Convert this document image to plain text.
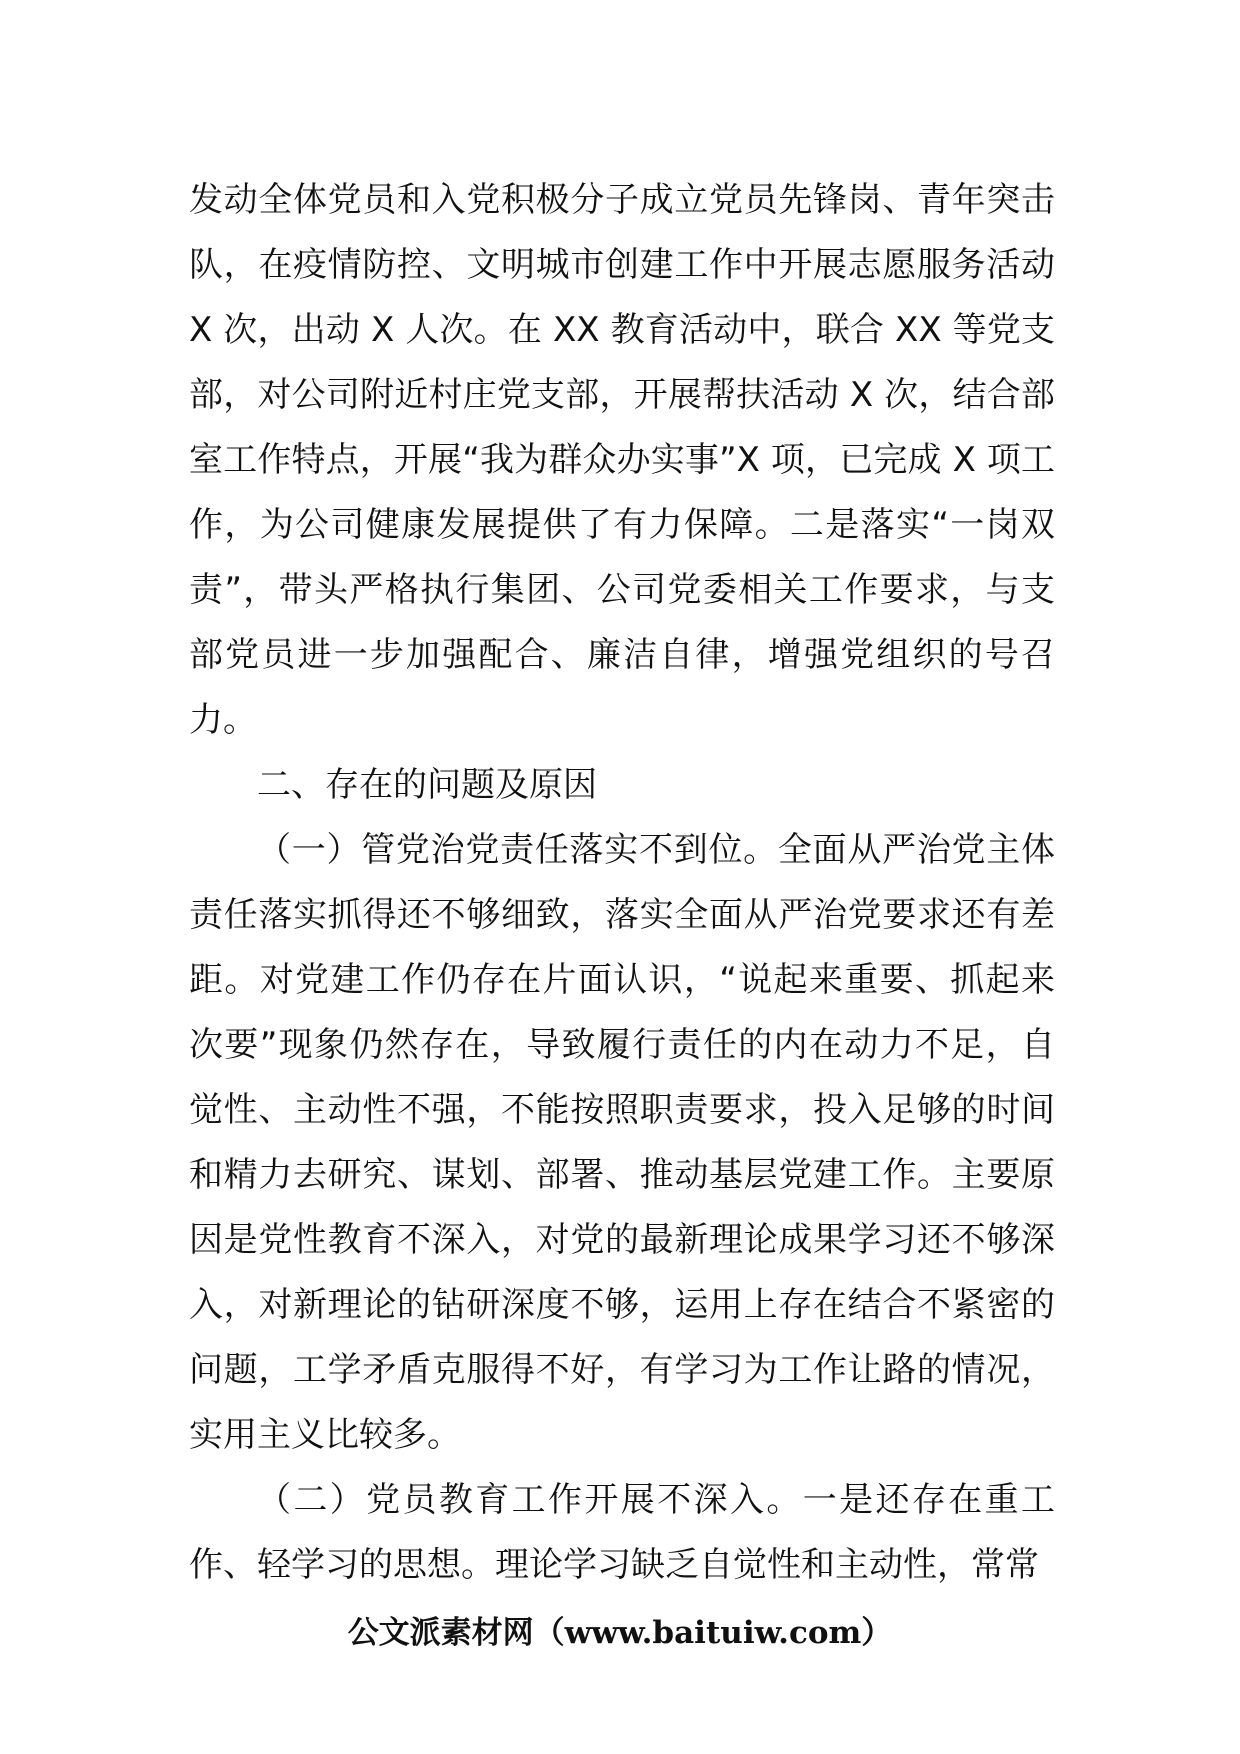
发动全体党员和入党积极分子成立党员先锋岗、青年突击队，在疫情防控、文明城市创建工作中开展志愿服务活动 X 次，出动 X 人次。在 XX 教育活动中，联合 XX 等党支部，对公司附近村庄党支部，开展帮扶活动 X 次，结合部室工作特点，开展“我为群众办实事”X 项，已完成 X 项工作，为公司健康发展提供了有力保障。二是落实“一岗双责”，带头严格执行集团、公司党委相关工作要求，与支部党员进一步加强配合、廉洁自律，增强党组织的号召力。

二、存在的问题及原因

（一）管党治党责任落实不到位。全面从严治党主体责任落实抓得还不够细致，落实全面从严治党要求还有差距。对党建工作仍存在片面认识，“说起来重要、抓起来次要”现象仍然存在，导致履行责任的内在动力不足，自觉性、主动性不强，不能按照职责要求，投入足够的时间和精力去研究、谋划、部署、推动基层党建工作。主要原因是党性教育不深入，对党的最新理论成果学习还不够深入，对新理论的钻研深度不够，运用上存在结合不紧密的问题，工学矛盾克服得不好，有学习为工作让路的情况，实用主义比较多。

（二）党员教育工作开展不深入。一是还存在重工作、轻学习的思想。理论学习缺乏自觉性和主动性，常常

公文派素材网（www.baituiw.com）
